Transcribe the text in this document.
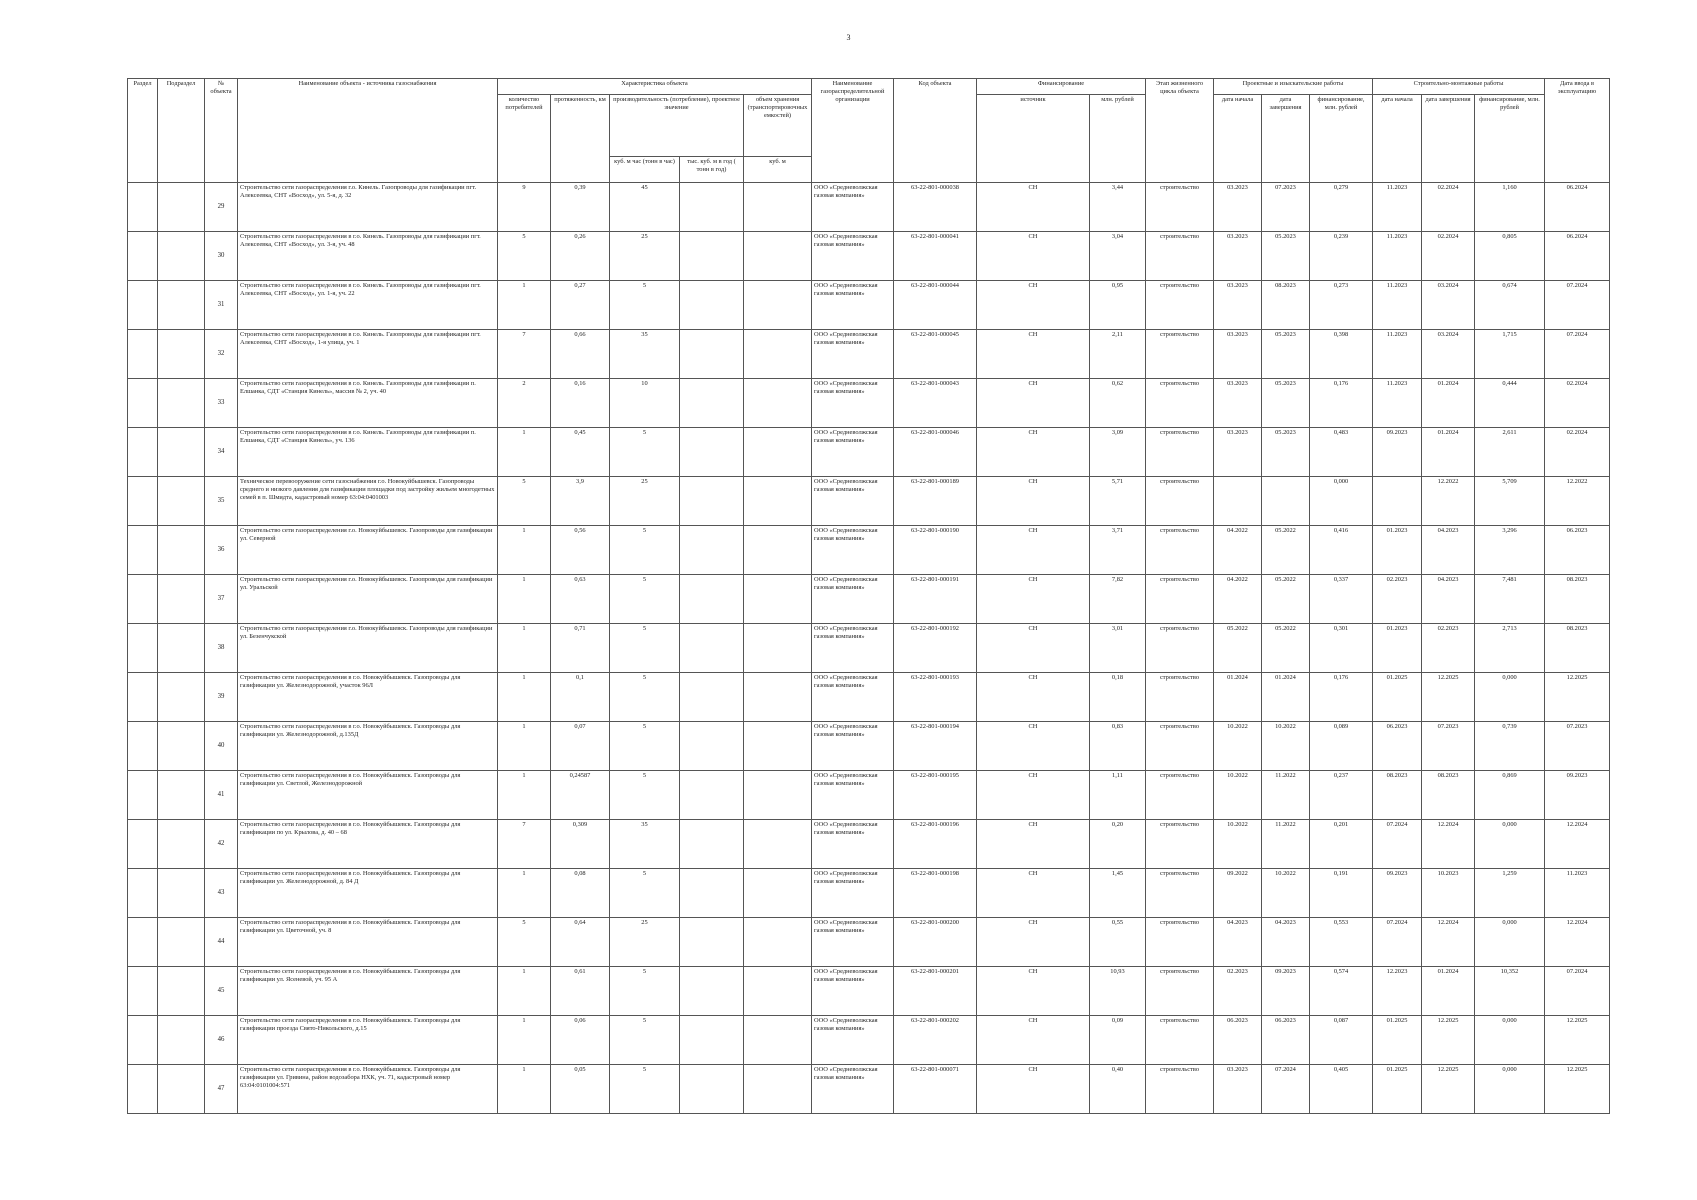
3
Раздел	Подраздел	№ объекта	Наименование объекта - источника газоснабжения	Характеристика объекта					Наименование газораспределительной организации	Код объекта	Финансирование		Этап жизненного цикла объекта	Проектные и изыскательские работы			Строительно-монтажные работы			Дата ввода в эксплуатацию
				количество потребителей	протяженность, км	производительность (потребление), проектное значение		объем хранения (транспортировочных емкостей)			источник	млн. рублей		дата начала	дата завершения	финансирование, млн. рублей	дата начала	дата завершения	финансирование, млн. рублей	
						куб. м час (тонн в час)	тыс. куб. м в год ( тонн в год)	куб. м												
		29	Строительство сети газораспределения г.о. Кинель. Газопроводы для газификации пгт. Алексеевка, СНТ «Восход», ул. 5-я, д. 32	9	0,39	45			ООО «Средневолжская газовая компания»	63-22-801-000038	СН	3,44	строительство	03.2023	07.2023	0,279	11.2023	02.2024	1,160	06.2024
		30	Строительство сети газораспределения в г.о. Кинель. Газопроводы для газификации пгт. Алексеевка, СНТ «Восход», ул. 3-я, уч. 48	5	0,26	25			ООО «Средневолжская газовая компания»	63-22-801-000041	СН	3,04	строительство	03.2023	05.2023	0,239	11.2023	02.2024	0,805	06.2024
		31	Строительство сети газораспределения в г.о. Кинель. Газопроводы для газификации пгт. Алексеевка, СНТ «Восход», ул. 1-я, уч. 22	1	0,27	5			ООО «Средневолжская газовая компания»	63-22-801-000044	СН	0,95	строительство	03.2023	08.2023	0,273	11.2023	03.2024	0,674	07.2024
		32	Строительство сети газораспределения в г.о. Кинель. Газопроводы для газификации пгт. Алексеевка, СНТ «Восход», 1-я улица, уч. 1	7	0,66	35			ООО «Средневолжская газовая компания»	63-22-801-000045	СН	2,11	строительство	03.2023	05.2023	0,398	11.2023	03.2024	1,715	07.2024
		33	Строительство сети газораспределения в г.о. Кинель. Газопроводы для газификации п. Елшанка, СДТ «Станция Кинель», массив № 2, уч. 40	2	0,16	10			ООО «Средневолжская газовая компания»	63-22-801-000043	СН	0,62	строительство	03.2023	05.2023	0,176	11.2023	01.2024	0,444	02.2024
		34	Строительство сети газораспределения в г.о. Кинель. Газопроводы для газификации п. Елшанка, СДТ «Станция Кинель», уч. 136	1	0,45	5			ООО «Средневолжская газовая компания»	63-22-801-000046	СН	3,09	строительство	03.2023	05.2023	0,483	09.2023	01.2024	2,611	02.2024
		35	Техническое перевооружение сети газоснабжения г.о. Новокуйбышевск. Газопроводы среднего и низкого давления для газификации площадки под застройку жильем многодетных семей в п. Шмидта, кадастровый номер 63:04:0401003	5	3,9	25			ООО «Средневолжская газовая компания»	63-22-801-000189	СН	5,71	строительство			0,000		12.2022	5,709	12.2022
		36	Строительство сети газораспределения г.о. Новокуйбышевск. Газопроводы для газификации ул. Северной	1	0,56	5			ООО «Средневолжская газовая компания»	63-22-801-000190	СН	3,71	строительство	04.2022	05.2022	0,416	01.2023	04.2023	3,296	06.2023
		37	Строительство сети газораспределения г.о. Новокуйбышевск. Газопроводы для газификации ул. Уральской	1	0,63	5			ООО «Средневолжская газовая компания»	63-22-801-000191	СН	7,82	строительство	04.2022	05.2022	0,337	02.2023	04.2023	7,481	08.2023
		38	Строительство сети газораспределения г.о. Новокуйбышевск. Газопроводы для газификации ул. Безенчукской	1	0,71	5			ООО «Средневолжская газовая компания»	63-22-801-000192	СН	3,01	строительство	05.2022	05.2022	0,301	01.2023	02.2023	2,713	08.2023
		39	Строительство сети газораспределения в г.о. Новокуйбышевск. Газопроводы для газификации ул. Железнодорожной, участок 96Л	1	0,1	5			ООО «Средневолжская газовая компания»	63-22-801-000193	СН	0,18	строительство	01.2024	01.2024	0,176	01.2025	12.2025	0,000	12.2025
		40	Строительство сети газораспределения в г.о. Новокуйбышевск. Газопроводы для газификации ул. Железнодорожной, д.135Д	1	0,07	5			ООО «Средневолжская газовая компания»	63-22-801-000194	СН	0,83	строительство	10.2022	10.2022	0,089	06.2023	07.2023	0,739	07.2023
		41	Строительство сети газораспределения в г.о. Новокуйбышевск. Газопроводы для газификации ул. Светлой, Железнодорожной	1	0,24587	5			ООО «Средневолжская газовая компания»	63-22-801-000195	СН	1,11	строительство	10.2022	11.2022	0,237	08.2023	08.2023	0,869	09.2023
		42	Строительство сети газораспределения в г.о. Новокуйбышевск. Газопроводы для газификации по ул. Крылова, д. 40 – 68	7	0,309	35			ООО «Средневолжская газовая компания»	63-22-801-000196	СН	0,20	строительство	10.2022	11.2022	0,201	07.2024	12.2024	0,000	12.2024
		43	Строительство сети газораспределения в г.о. Новокуйбышевск. Газопроводы для газификации ул. Железнодорожной, д. 84 Д	1	0,08	5			ООО «Средневолжская газовая компания»	63-22-801-000198	СН	1,45	строительство	09.2022	10.2022	0,191	09.2023	10.2023	1,259	11.2023
		44	Строительство сети газораспределения в г.о. Новокуйбышевск. Газопроводы для газификации ул. Цветочной, уч. 8	5	0,64	25			ООО «Средневолжская газовая компания»	63-22-801-000200	СН	0,55	строительство	04.2023	04.2023	0,553	07.2024	12.2024	0,000	12.2024
		45	Строительство сети газораспределения в г.о. Новокуйбышевск. Газопроводы для газификации ул. Ясеневой, уч. 95 А	1	0,61	5			ООО «Средневолжская газовая компания»	63-22-801-000201	СН	10,93	строительство	02.2023	09.2023	0,574	12.2023	01.2024	10,352	07.2024
		46	Строительство сети газораспределения в г.о. Новокуйбышевск. Газопроводы для газификации проезда Свято-Никольского, д.15	1	0,06	5			ООО «Средневолжская газовая компания»	63-22-801-000202	СН	0,09	строительство	06.2023	06.2023	0,087	01.2025	12.2025	0,000	12.2025
		47	Строительство сети газораспределения в г.о. Новокуйбышевск. Газопроводы для газификации ул. Гривина, район водозабора НХК, уч. 71, кадастровый номер 63:04:0101004:571	1	0,05	5			ООО «Средневолжская газовая компания»	63-22-801-000071	СН	0,40	строительство	03.2023	07.2024	0,405	01.2025	12.2025	0,000	12.2025
